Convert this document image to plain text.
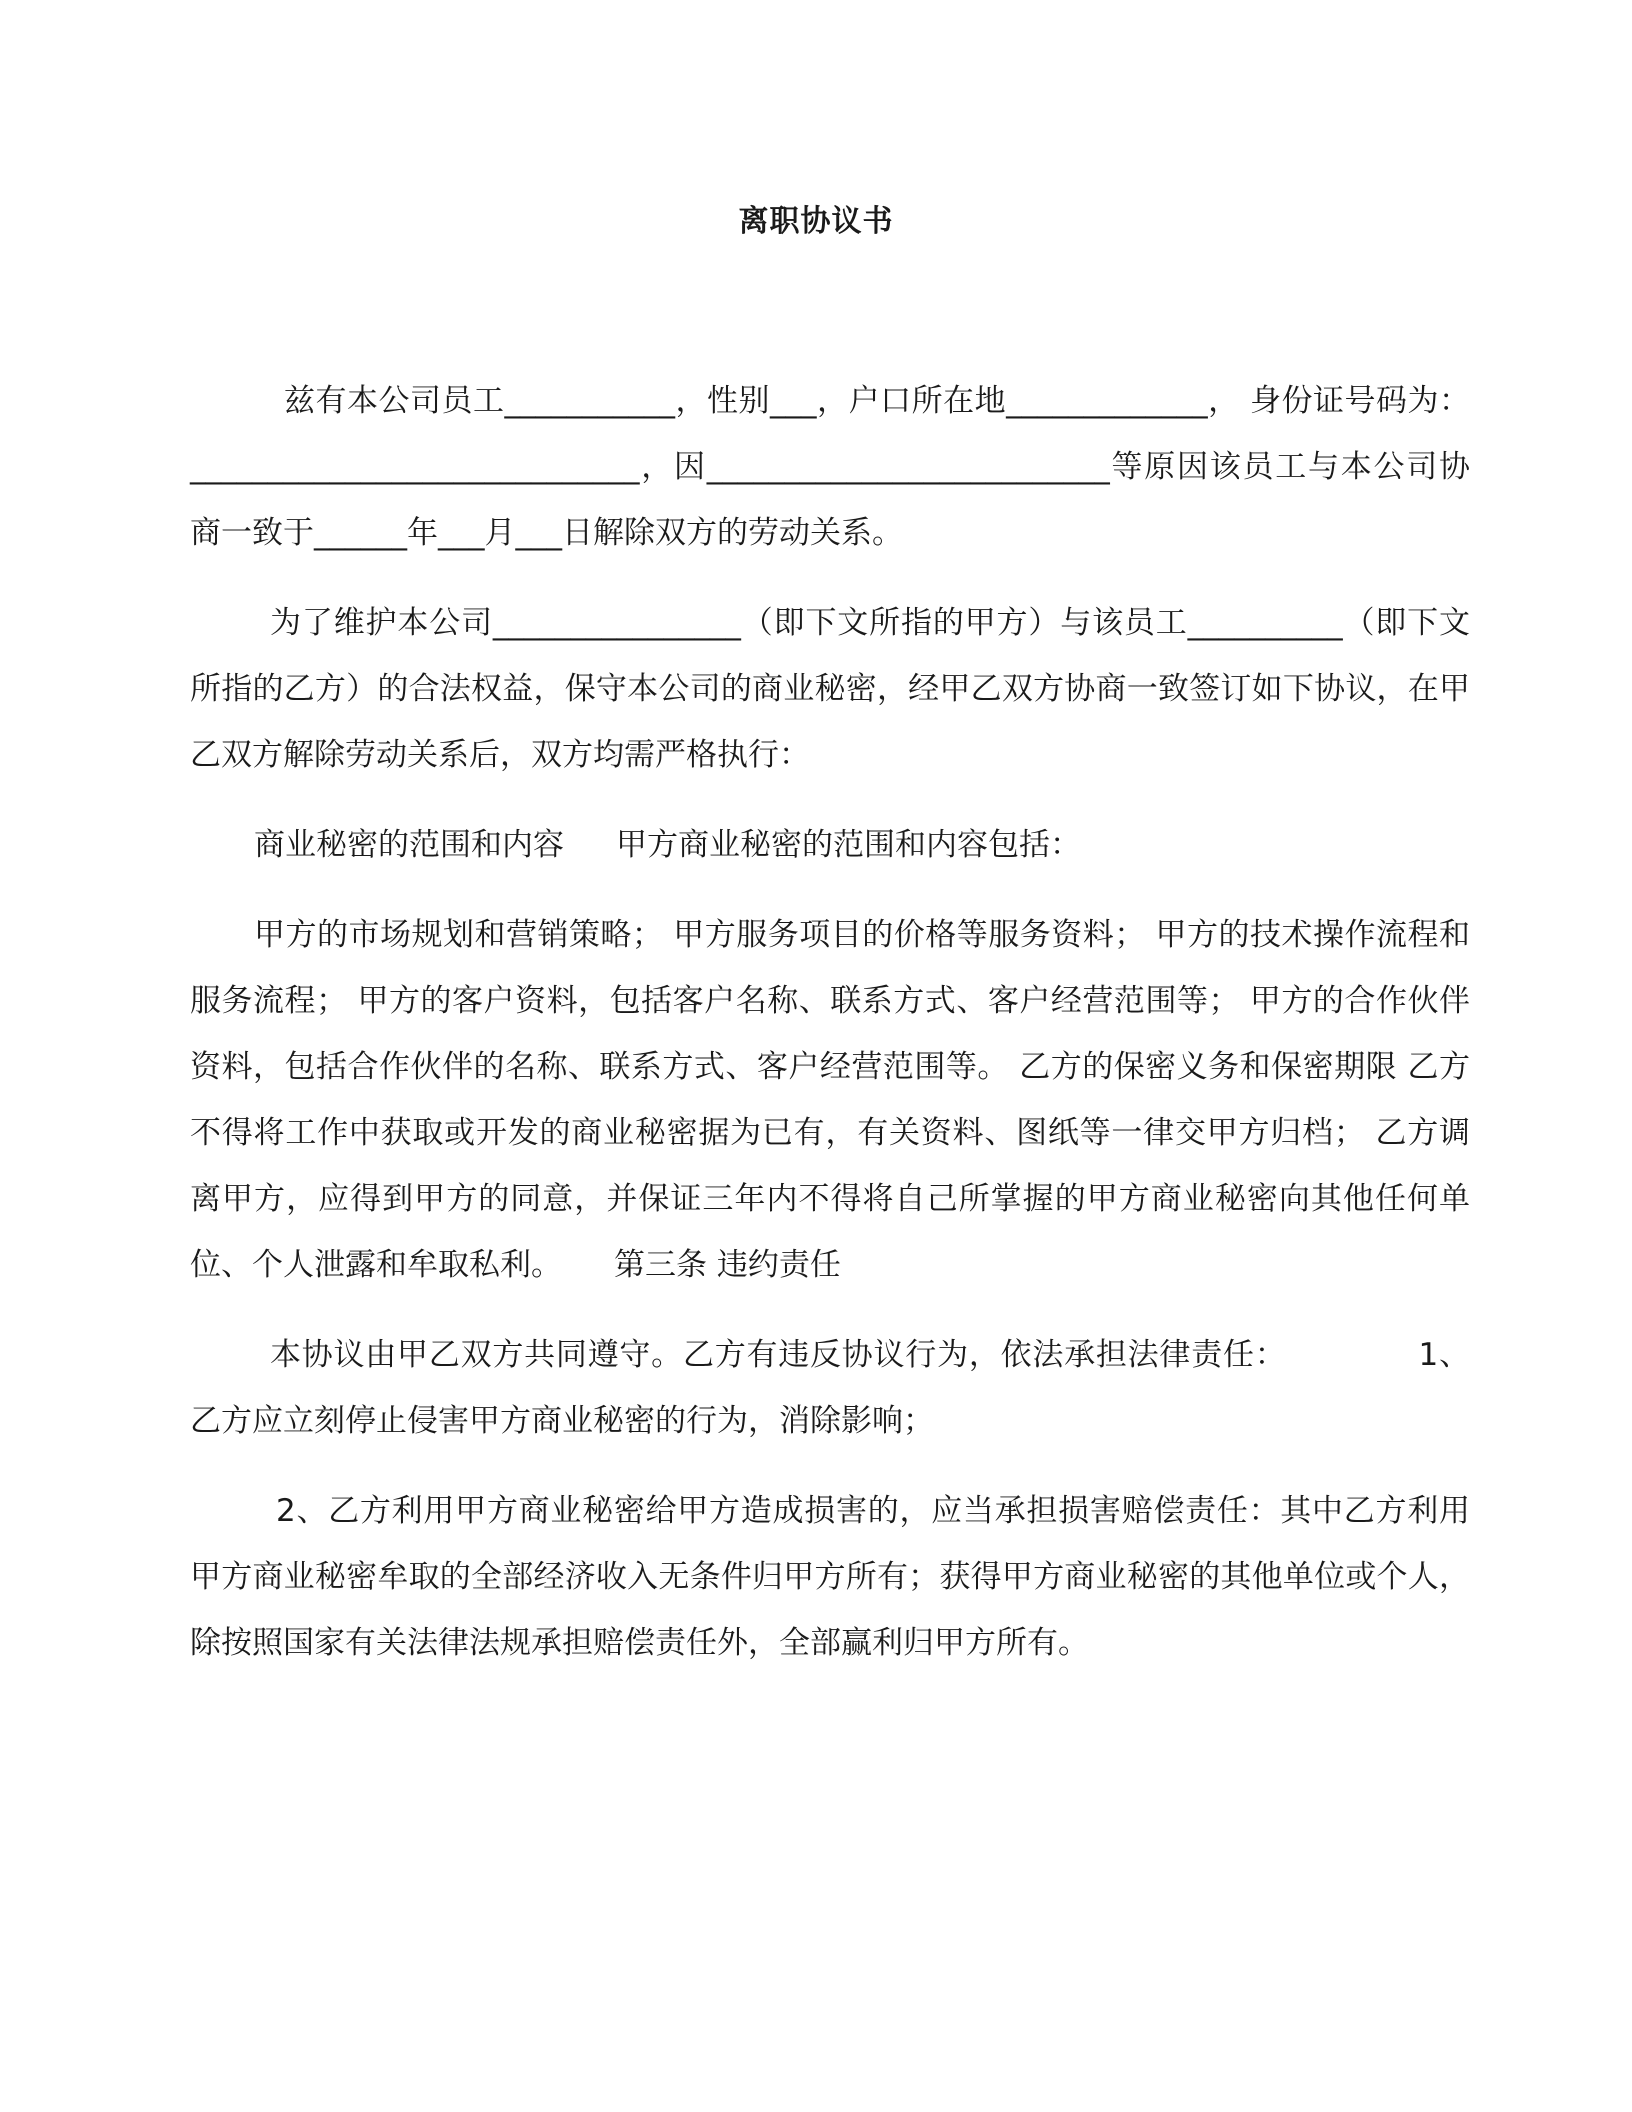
离职协议书

兹有本公司员工___________，性别___，户口所在地_____________， 身份证号码为：_____________________________，因__________________________等原因该员工与本公司协商一致于______年___月___日解除双方的劳动关系。

为了维护本公司________________（即下文所指的甲方）与该员工__________（即下文所指的乙方）的合法权益，保守本公司的商业秘密，经甲乙双方协商一致签订如下协议，在甲乙双方解除劳动关系后，双方均需严格执行：

商业秘密的范围和内容 甲方商业秘密的范围和内容包括：

甲方的市场规划和营销策略； 甲方服务项目的价格等服务资料； 甲方的技术操作流程和服务流程； 甲方的客户资料，包括客户名称、联系方式、客户经营范围等； 甲方的合作伙伴资料，包括合作伙伴的名称、联系方式、客户经营范围等。 乙方的保密义务和保密期限 乙方不得将工作中获取或开发的商业秘密据为已有，有关资料、图纸等一律交甲方归档； 乙方调离甲方，应得到甲方的同意，并保证三年内不得将自己所掌握的甲方商业秘密向其他任何单位、个人泄露和牟取私利。 第三条 违约责任

本协议由甲乙双方共同遵守。乙方有违反协议行为，依法承担法律责任：	1、乙方应立刻停止侵害甲方商业秘密的行为，消除影响；

2、乙方利用甲方商业秘密给甲方造成损害的，应当承担损害赔偿责任：其中乙方利用甲方商业秘密牟取的全部经济收入无条件归甲方所有；获得甲方商业秘密的其他单位或个人，除按照国家有关法律法规承担赔偿责任外，全部赢利归甲方所有。
